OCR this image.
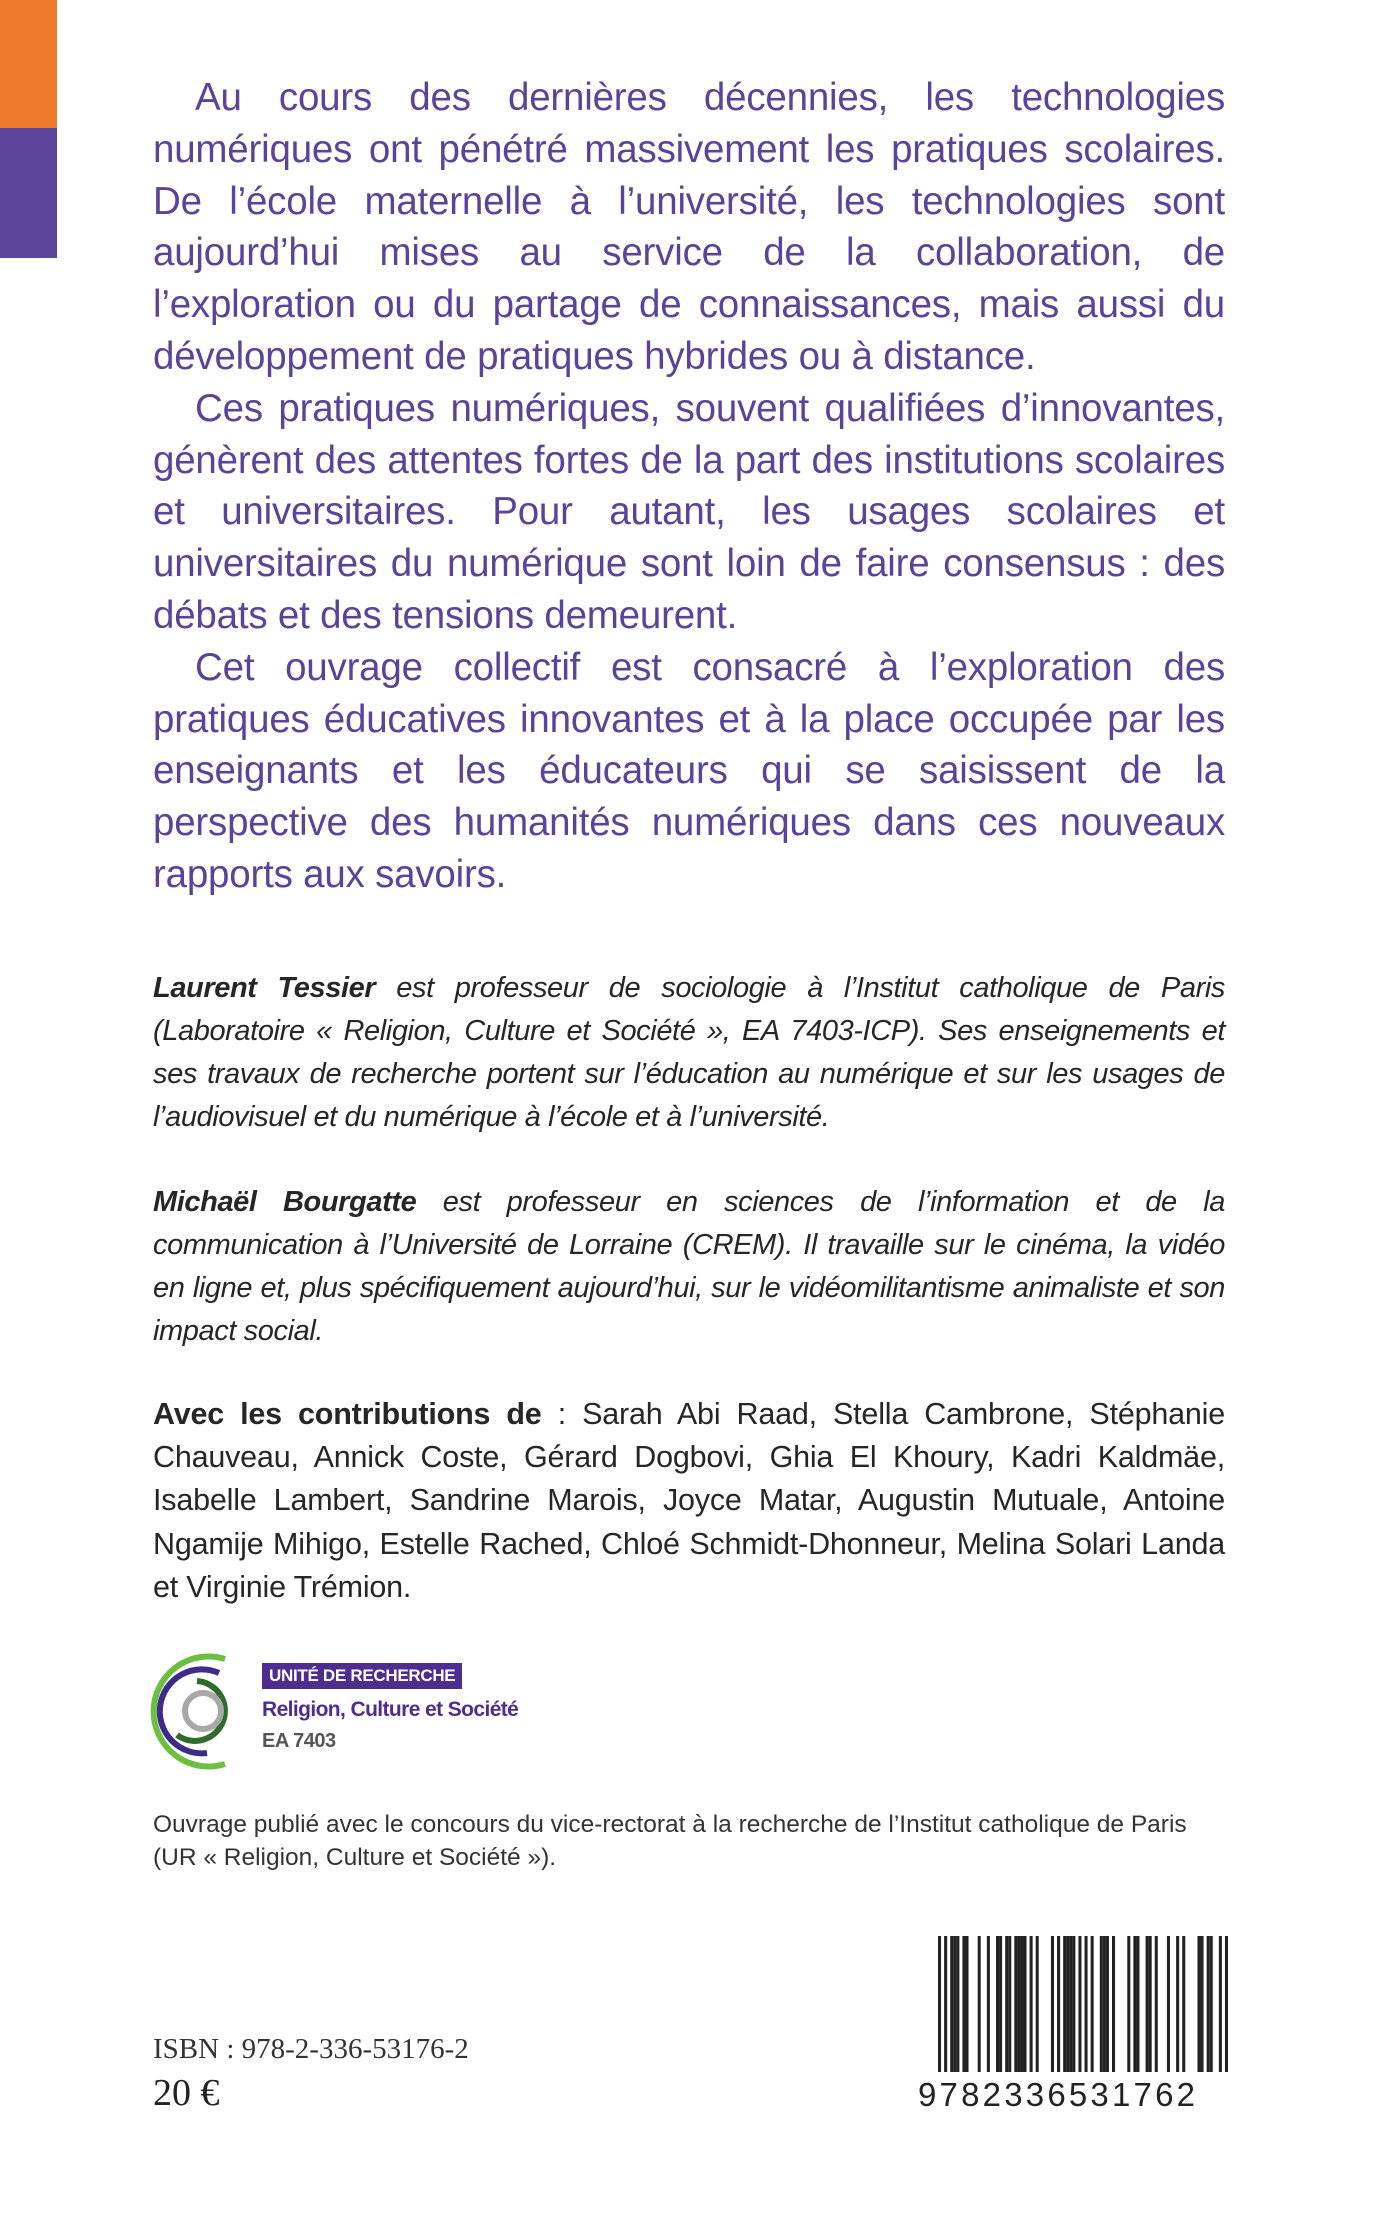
Au cours des dernières décennies, les technologies numériques ont pénétré massivement les pratiques scolaires. De l’école maternelle à l’université, les technologies sont aujourd’hui mises au service de la collaboration, de l’exploration ou du partage de connaissances, mais aussi du développement de pratiques hybrides ou à distance.

Ces pratiques numériques, souvent qualifiées d’innovantes, génèrent des attentes fortes de la part des institutions scolaires et universitaires. Pour autant, les usages scolaires et universitaires du numérique sont loin de faire consensus : des débats et des tensions demeurent.

Cet ouvrage collectif est consacré à l’exploration des pratiques éducatives innovantes et à la place occupée par les enseignants et les éducateurs qui se saisissent de la perspective des humanités numériques dans ces nouveaux rapports aux savoirs.

Laurent Tessier est professeur de sociologie à l’Institut catholique de Paris (Laboratoire « Religion, Culture et Société », EA 7403-ICP). Ses enseignements et ses travaux de recherche portent sur l’éducation au numérique et sur les usages de l’audiovisuel et du numérique à l’école et à l’université.
Michaël Bourgatte est professeur en sciences de l’information et de la communication à l’Université de Lorraine (CREM). Il travaille sur le cinéma, la vidéo en ligne et, plus spécifiquement aujourd’hui, sur le vidéomilitantisme animaliste et son impact social.
Avec les contributions de : Sarah Abi Raad, Stella Cambrone, Stéphanie Chauveau, Annick Coste, Gérard Dogbovi, Ghia El Khoury, Kadri Kaldmäe, Isabelle Lambert, Sandrine Marois, Joyce Matar, Augustin Mutuale, Antoine Ngamije Mihigo, Estelle Rached, Chloé Schmidt-Dhonneur, Melina Solari Landa et Virginie Trémion.
UNITÉ DE RECHERCHE
Religion, Culture et Société
EA 7403
Ouvrage publié avec le concours du vice-rectorat à la recherche de l’Institut catholique de Paris (UR « Religion, Culture et Société »).
ISBN : 978-2-336-53176-2
20 €	9782336531762
